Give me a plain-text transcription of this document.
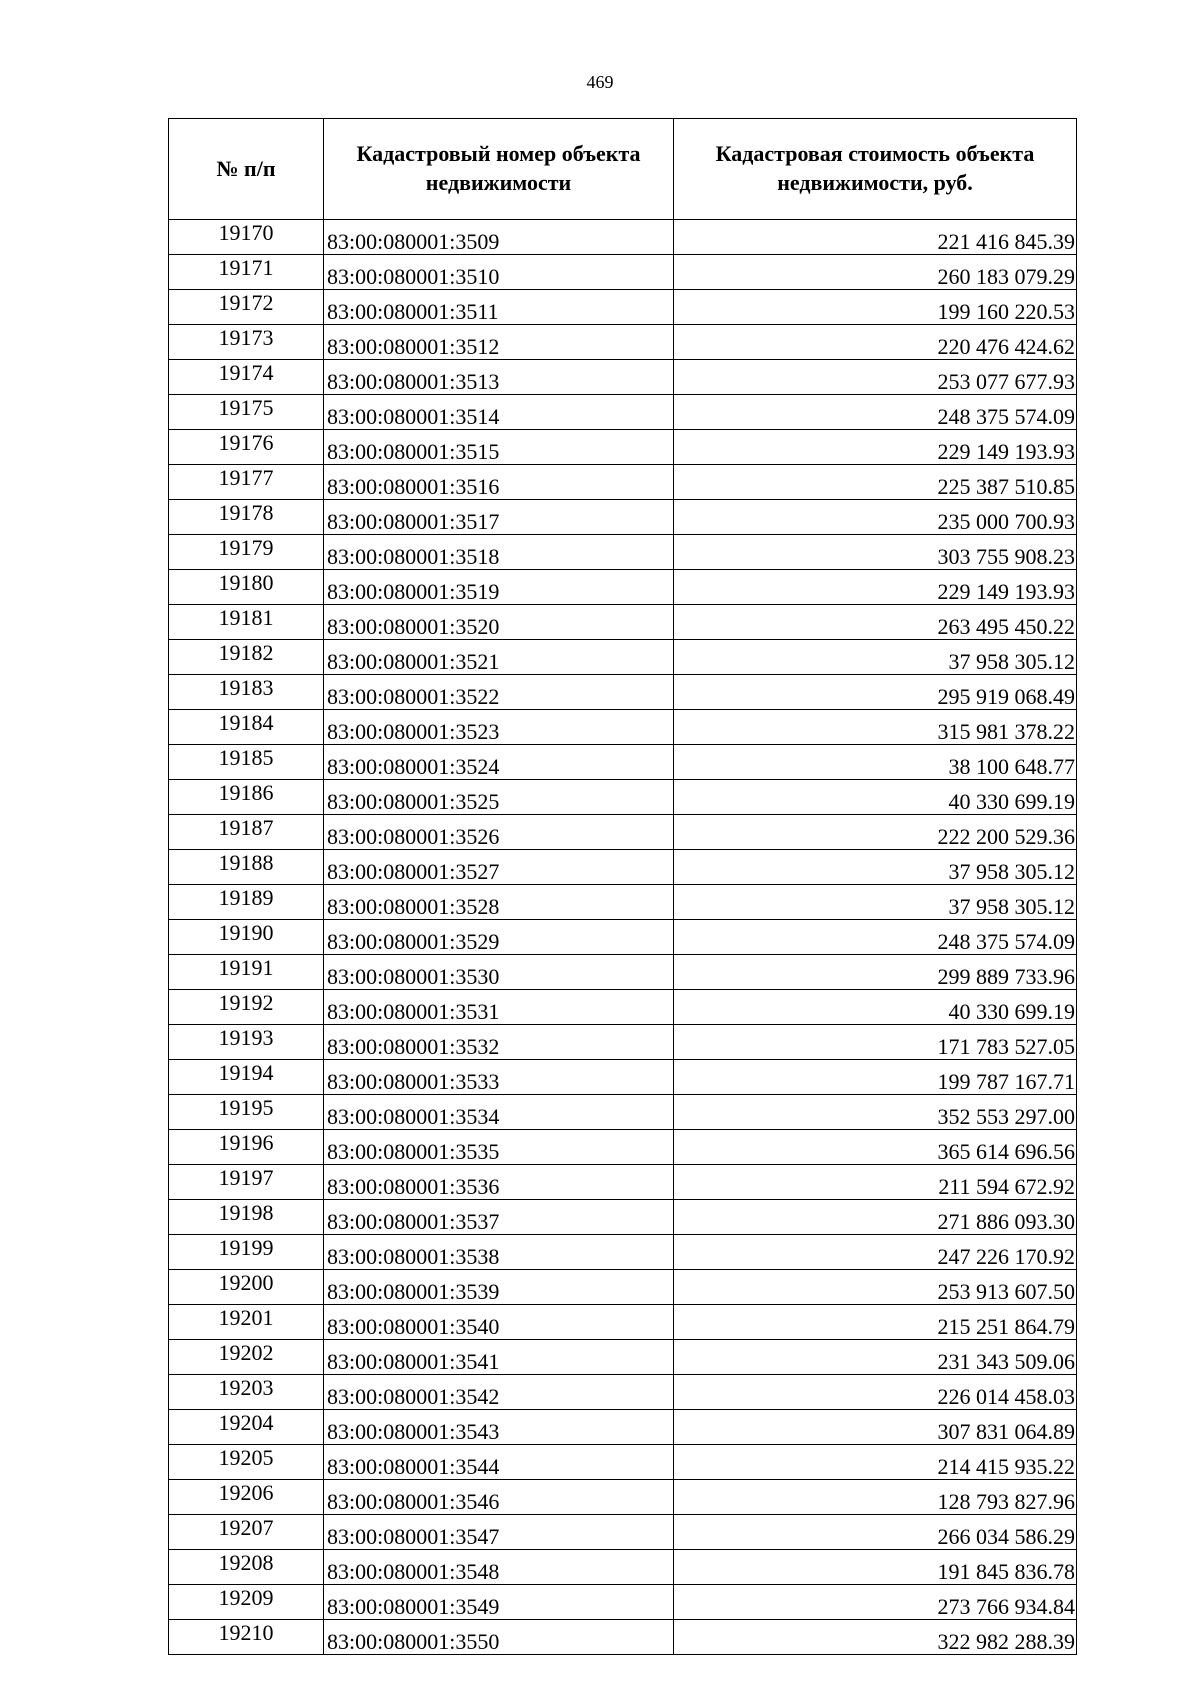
469
№ п/п	Кадастровый номер объекта недвижимости	Кадастровая стоимость объекта недвижимости, руб.
19170	83:00:080001:3509	221 416 845.39
19171	83:00:080001:3510	260 183 079.29
19172	83:00:080001:3511	199 160 220.53
19173	83:00:080001:3512	220 476 424.62
19174	83:00:080001:3513	253 077 677.93
19175	83:00:080001:3514	248 375 574.09
19176	83:00:080001:3515	229 149 193.93
19177	83:00:080001:3516	225 387 510.85
19178	83:00:080001:3517	235 000 700.93
19179	83:00:080001:3518	303 755 908.23
19180	83:00:080001:3519	229 149 193.93
19181	83:00:080001:3520	263 495 450.22
19182	83:00:080001:3521	37 958 305.12
19183	83:00:080001:3522	295 919 068.49
19184	83:00:080001:3523	315 981 378.22
19185	83:00:080001:3524	38 100 648.77
19186	83:00:080001:3525	40 330 699.19
19187	83:00:080001:3526	222 200 529.36
19188	83:00:080001:3527	37 958 305.12
19189	83:00:080001:3528	37 958 305.12
19190	83:00:080001:3529	248 375 574.09
19191	83:00:080001:3530	299 889 733.96
19192	83:00:080001:3531	40 330 699.19
19193	83:00:080001:3532	171 783 527.05
19194	83:00:080001:3533	199 787 167.71
19195	83:00:080001:3534	352 553 297.00
19196	83:00:080001:3535	365 614 696.56
19197	83:00:080001:3536	211 594 672.92
19198	83:00:080001:3537	271 886 093.30
19199	83:00:080001:3538	247 226 170.92
19200	83:00:080001:3539	253 913 607.50
19201	83:00:080001:3540	215 251 864.79
19202	83:00:080001:3541	231 343 509.06
19203	83:00:080001:3542	226 014 458.03
19204	83:00:080001:3543	307 831 064.89
19205	83:00:080001:3544	214 415 935.22
19206	83:00:080001:3546	128 793 827.96
19207	83:00:080001:3547	266 034 586.29
19208	83:00:080001:3548	191 845 836.78
19209	83:00:080001:3549	273 766 934.84
19210	83:00:080001:3550	322 982 288.39
